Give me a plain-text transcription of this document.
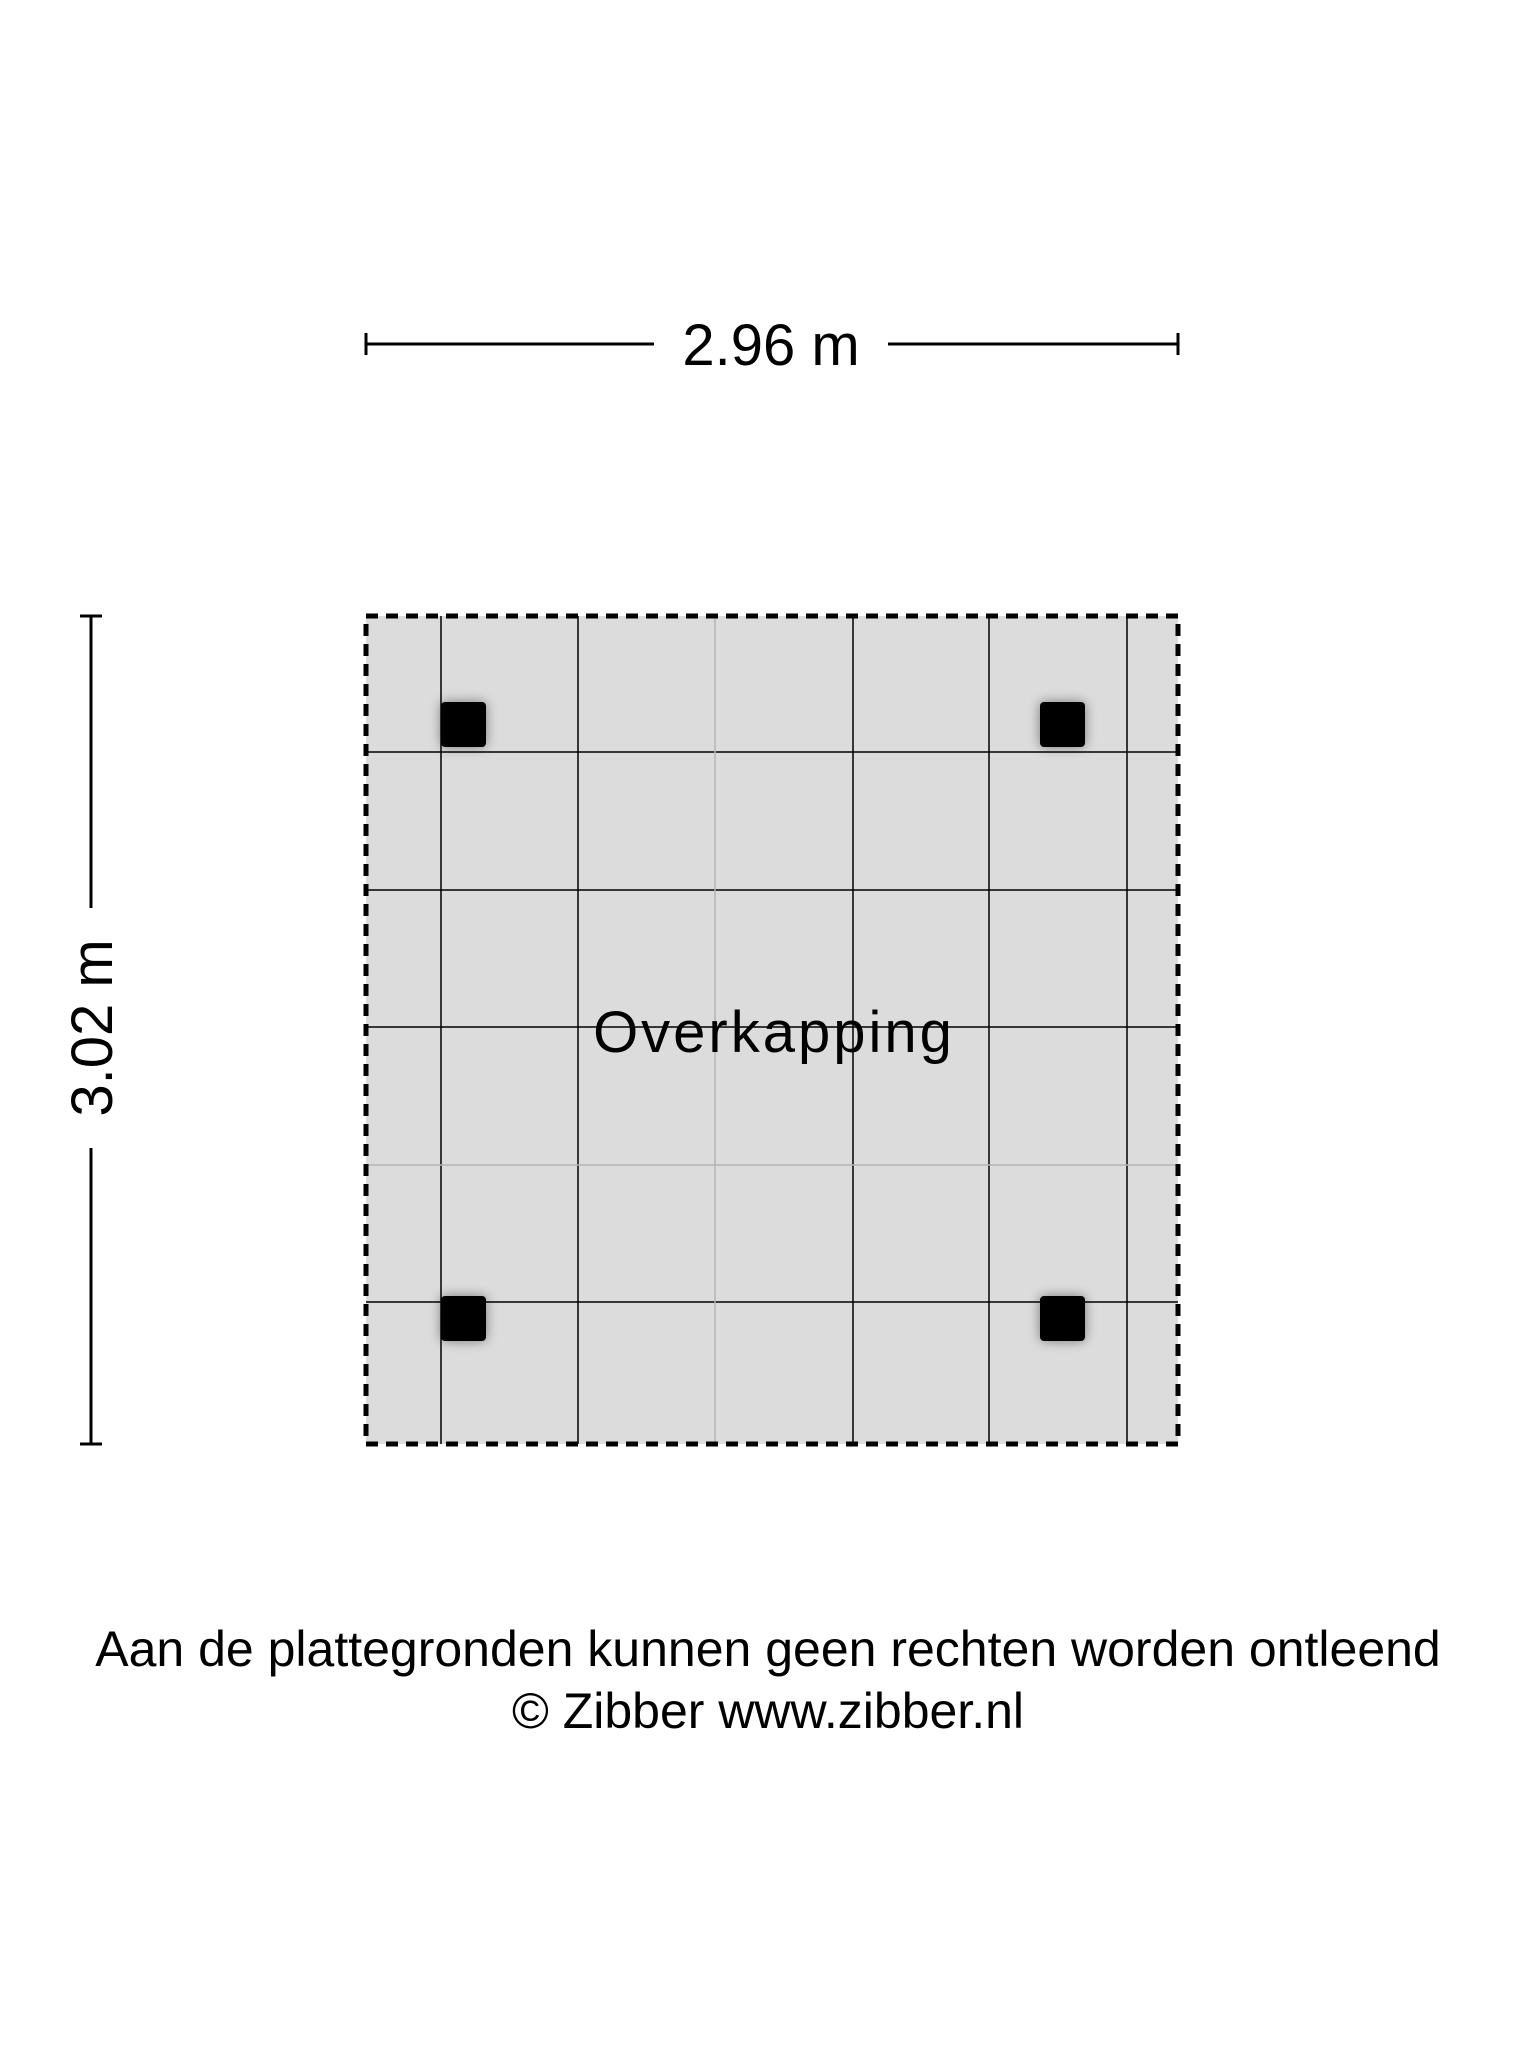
2.96 m
3.02 m	Overkapping
Aan de plattegronden kunnen geen rechten worden ontleend
© Zibber www.zibber.nl
